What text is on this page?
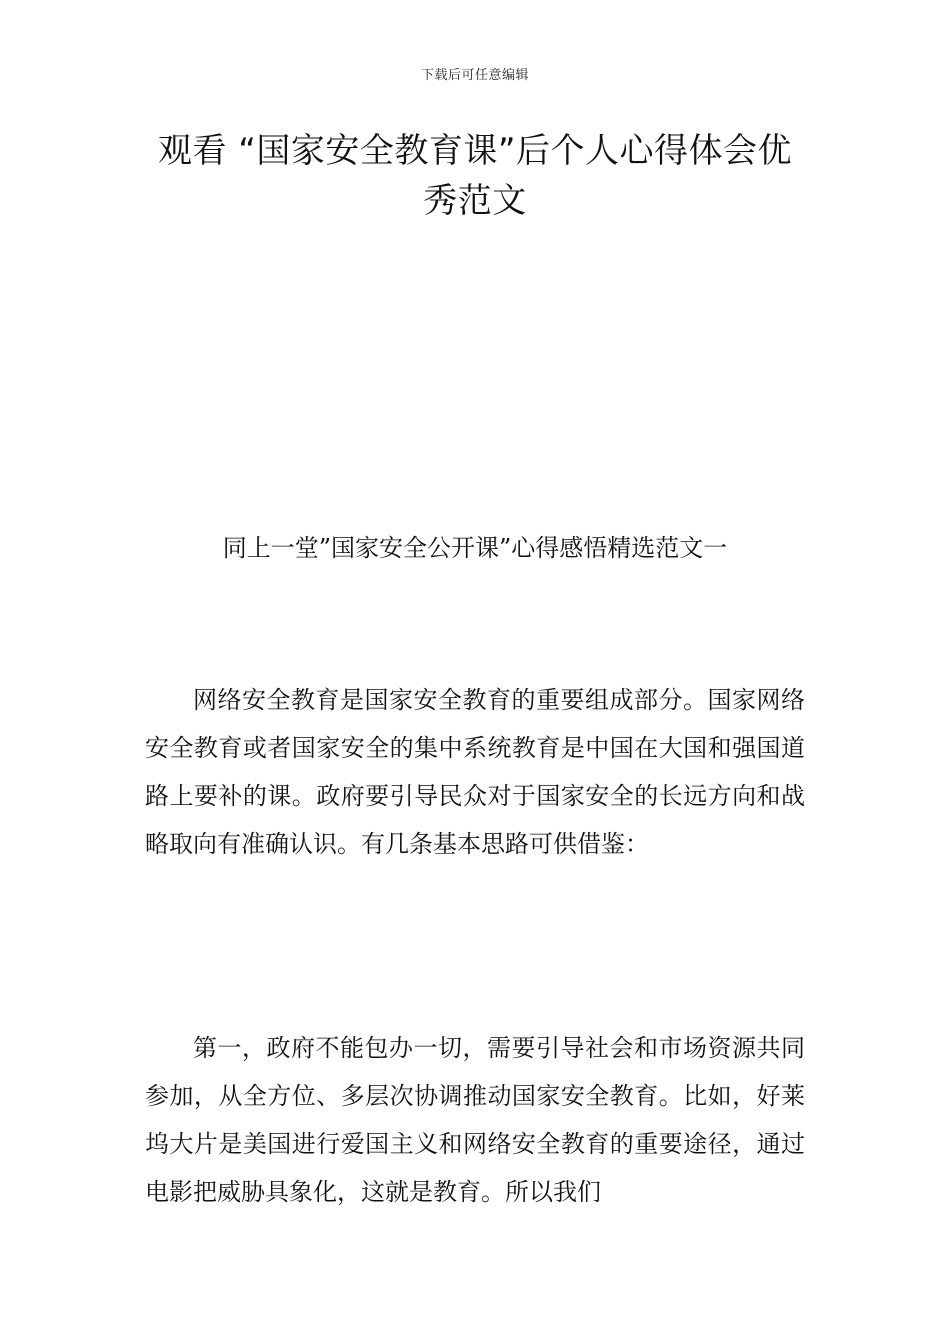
下载后可任意编辑
观看 “国家安全教育课”后个人心得体会优秀范文

同上一堂”国家安全公开课”心得感悟精选范文一

网络安全教育是国家安全教育的重要组成部分。国家网络安全教育或者国家安全的集中系统教育是中国在大国和强国道路上要补的课。政府要引导民众对于国家安全的长远方向和战略取向有准确认识。有几条基本思路可供借鉴：

第一，政府不能包办一切，需要引导社会和市场资源共同参加，从全方位、多层次协调推动国家安全教育。比如，好莱坞大片是美国进行爱国主义和网络安全教育的重要途径，通过电影把威胁具象化，这就是教育。所以我们
